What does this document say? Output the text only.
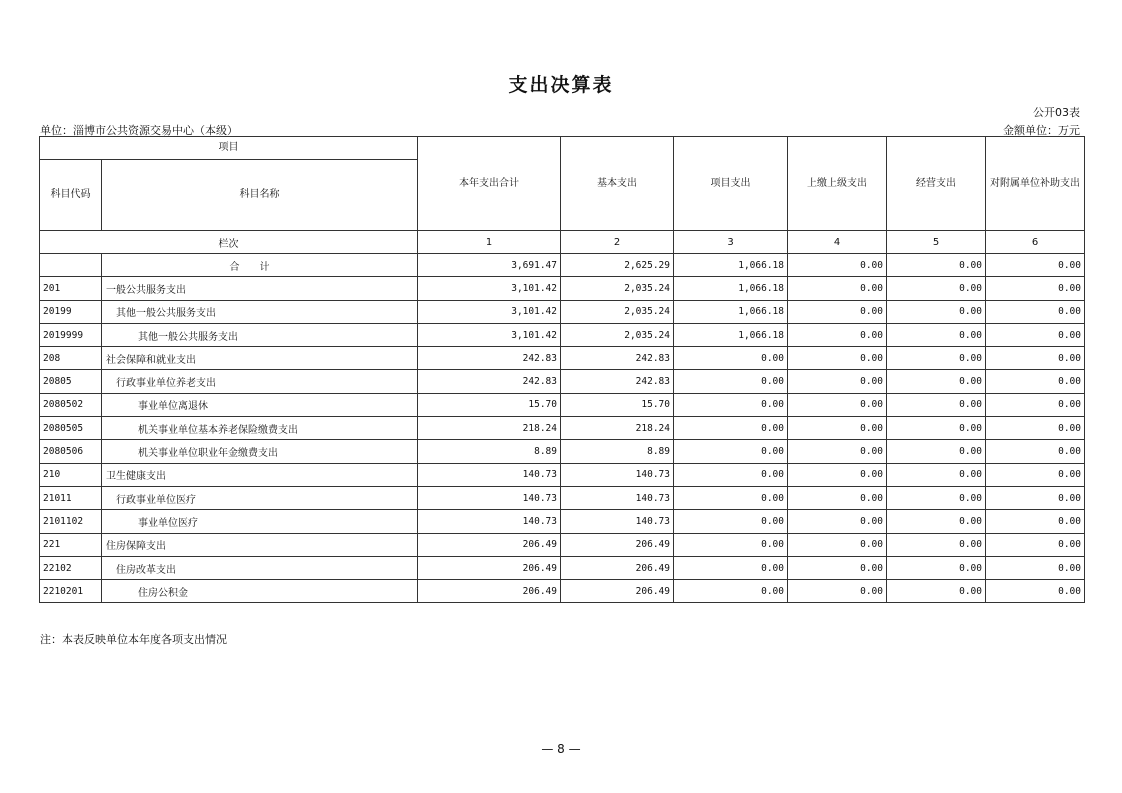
支出决算表
公开03表
单位：淄博市公共资源交易中心（本级）	金额单位：万元
项目		本年支出合计	基本支出	项目支出	上缴上级支出	经营支出	对附属单位补助支出
科目代码	科目名称						
栏次		1	2	3	4	5	6
	合计	3,691.47	2,625.29	1,066.18	0.00	0.00	0.00
201	一般公共服务支出	3,101.42	2,035.24	1,066.18	0.00	0.00	0.00
20199	其他一般公共服务支出	3,101.42	2,035.24	1,066.18	0.00	0.00	0.00
2019999	其他一般公共服务支出	3,101.42	2,035.24	1,066.18	0.00	0.00	0.00
208	社会保障和就业支出	242.83	242.83	0.00	0.00	0.00	0.00
20805	行政事业单位养老支出	242.83	242.83	0.00	0.00	0.00	0.00
2080502	事业单位离退休	15.70	15.70	0.00	0.00	0.00	0.00
2080505	机关事业单位基本养老保险缴费支出	218.24	218.24	0.00	0.00	0.00	0.00
2080506	机关事业单位职业年金缴费支出	8.89	8.89	0.00	0.00	0.00	0.00
210	卫生健康支出	140.73	140.73	0.00	0.00	0.00	0.00
21011	行政事业单位医疗	140.73	140.73	0.00	0.00	0.00	0.00
2101102	事业单位医疗	140.73	140.73	0.00	0.00	0.00	0.00
221	住房保障支出	206.49	206.49	0.00	0.00	0.00	0.00
22102	住房改革支出	206.49	206.49	0.00	0.00	0.00	0.00
2210201	住房公积金	206.49	206.49	0.00	0.00	0.00	0.00
注：本表反映单位本年度各项支出情况
— 8 —
